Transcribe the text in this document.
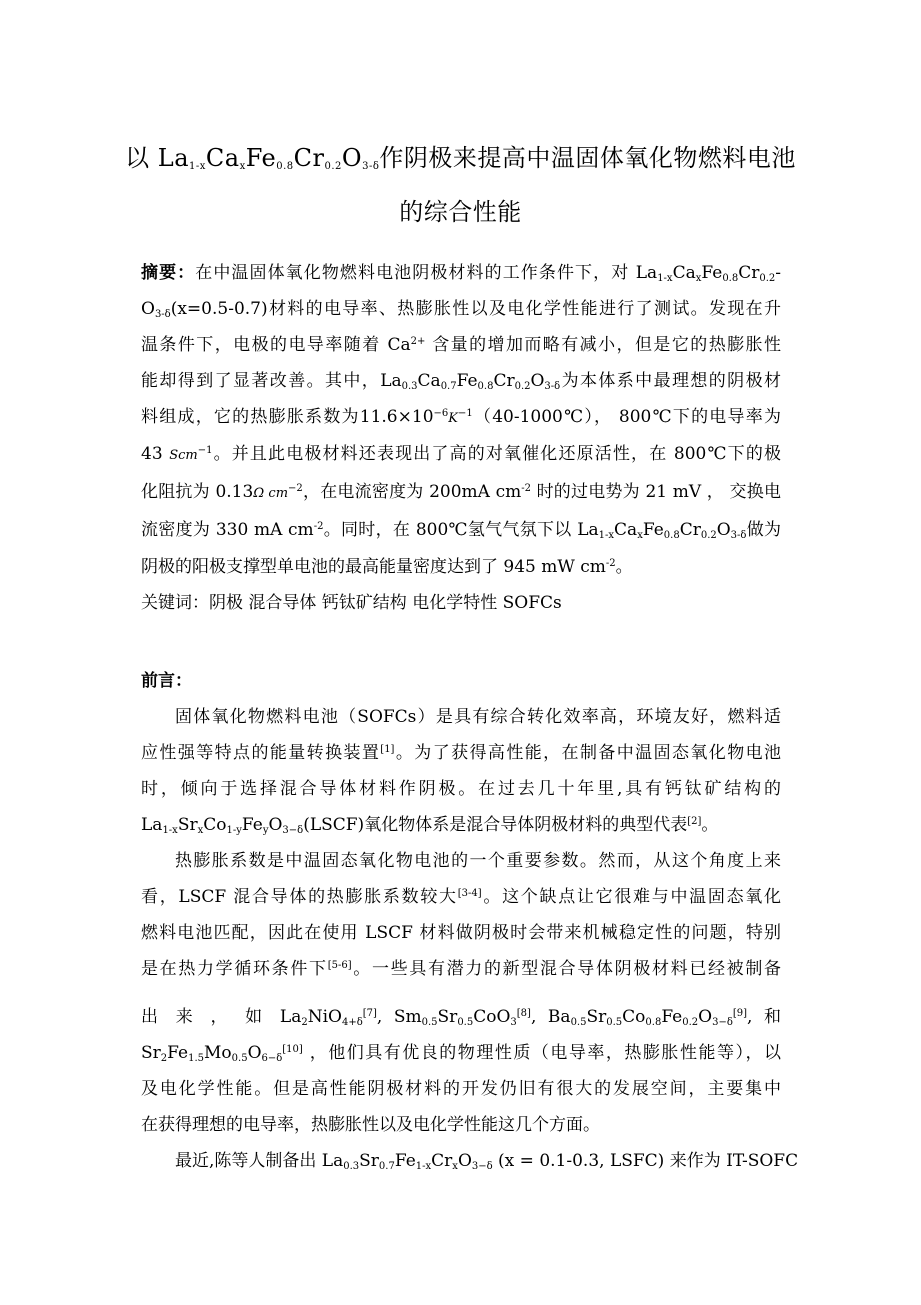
以 $La_{1-x}Ca_xFe_{0.8}Cr_{0.2}O_{3-\delta}$作阴极来提高中温固体氧化物燃料电池
的综合性能
摘要：在中温固体氧化物燃料电池阴极材料的工作条件下，对 $La_{1-x}Ca_xFe_{0.8}Cr_{0.2}-$
$O_{3-\delta}(x=0.5-0.7)$材料的电导率、热膨胀性以及电化学性能进行了测试。发现在升
温条件下，电极的电导率随着 $Ca^{2+}$ 含量的增加而略有减小，但是它的热膨胀性
能却得到了显著改善。其中，$La_{0.3}Ca_{0.7}Fe_{0.8}Cr_{0.2}O_{3-\delta}$为本体系中最理想的阴极材
料组成，它的热膨胀系数为$11.6\times 10^{-6}K^{-1}(40-1000℃)$， 800℃下的电导率为
43 Scm$^{-1}$。并且此电极材料还表现出了高的对氧催化还原活性，在 800℃下的极
化阻抗为 0.13Ω $cm^{-2}$，在电流密度为 200mA $cm^{-2}$ 时的过电势为 21 mV ， 交换电
流密度为 330 mA $cm^{-2}$。同时，在 800℃氢气气氛下以 $La_{1-x}Ca_xFe_{0.8}Cr_{0.2}O_{3-\delta}$做为
阴极的阳极支撑型单电池的最高能量密度达到了 945 mW $cm^{-2}$。
关键词：阴极 混合导体 钙钛矿结构 电化学特性 SOFCs
前言：
固体氧化物燃料电池（SOFCs）是具有综合转化效率高，环境友好，燃料适
应性强等特点的能量转换装置[1]。为了获得高性能，在制备中温固态氧化物电池
时，倾向于选择混合导体材料作阴极。在过去几十年里,具有钙钛矿结构的
$La_{1-x}Sr_xCo_{1-y}Fe_yO_{3-\delta}(LSCF)$氧化物体系是混合导体阴极材料的典型代表[2]。
热膨胀系数是中温固态氧化物电池的一个重要参数。然而，从这个角度上来
看，LSCF 混合导体的热膨胀系数较大[3-4]。这个缺点让它很难与中温固态氧化
燃料电池匹配，因此在使用 LSCF 材料做阴极时会带来机械稳定性的问题，特别
是在热力学循环条件下[5-6]。一些具有潜力的新型混合导体阴极材料已经被制备
出 来 ， 如 $La_2NiO_{4+\delta}[7]$, $Sm_{0.5}Sr_{0.5}CoO_3[8]$, $Ba_{0.5}Sr_{0.5}Co_{0.8}Fe_{0.2}O_{3-\delta}[9]$, 和
$Sr_2Fe_{1.5}Mo_{0.5}O_{6-\delta}[10]$ ，他们具有优良的物理性质（电导率，热膨胀性能等），以
及电化学性能。但是高性能阴极材料的开发仍旧有很大的发展空间，主要集中
在获得理想的电导率，热膨胀性以及电化学性能这几个方面。
最近,陈等人制备出 $La_{0.3}Sr_{0.7}Fe_{1-x}Cr_xO_{3-\delta}$ (x = 0.1-0.3, LSFC) 来作为 IT-SOFC
